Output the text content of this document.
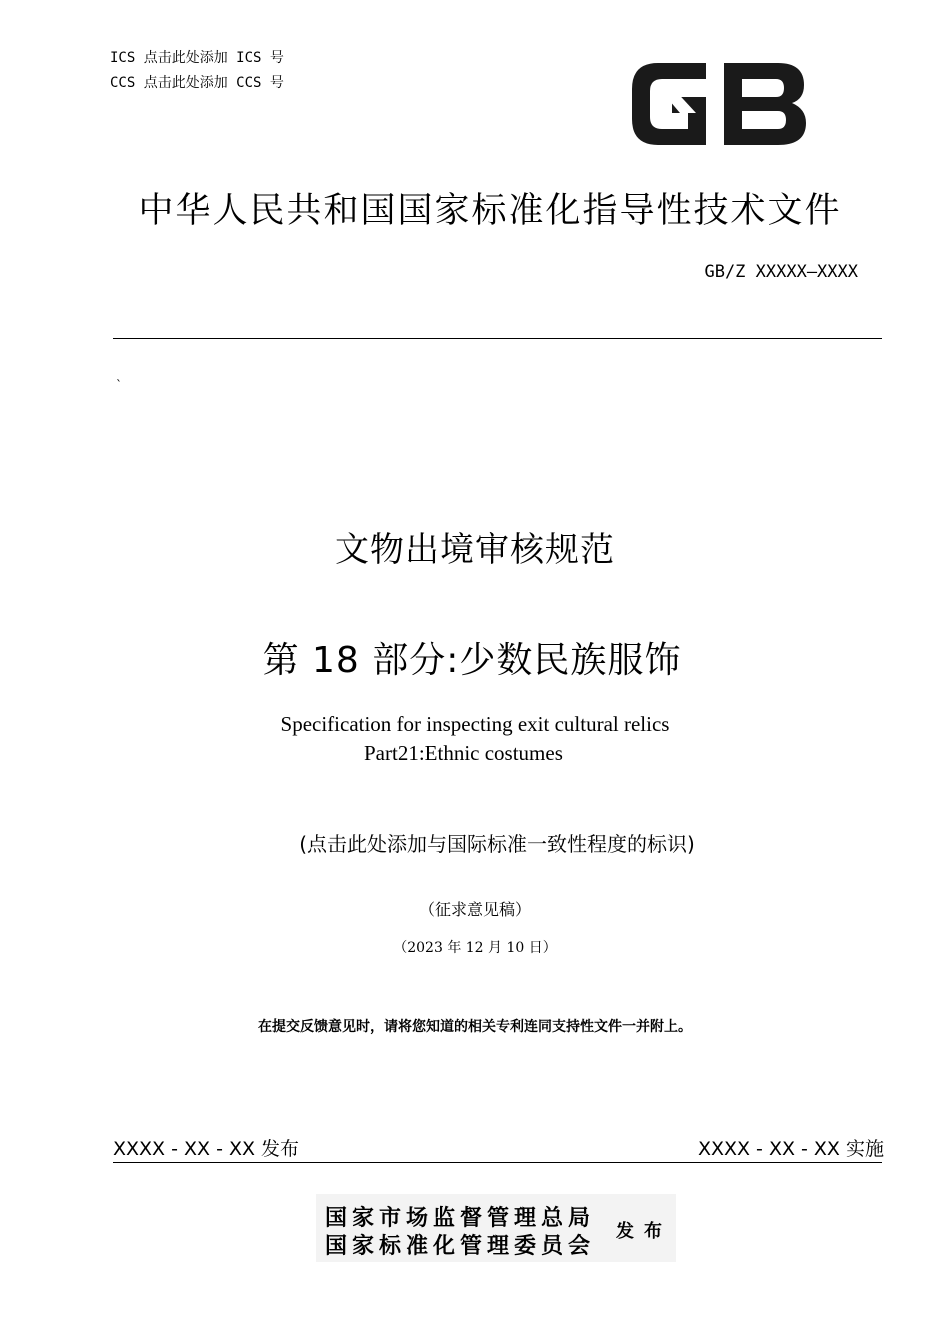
ICS 点击此处添加 ICS 号
CCS 点击此处添加 CCS 号
中华人民共和国国家标准化指导性技术文件
GB/Z XXXXX—XXXX
`
文物出境审核规范
第 18 部分:少数民族服饰
Specification for inspecting exit cultural relics
Part21:Ethnic costumes
(点击此处添加与国际标准一致性程度的标识)
（征求意见稿）
（2023 年 12 月 10 日）
在提交反馈意见时，请将您知道的相关专利连同支持性文件一并附上。
XXXX - XX - XX 发布	XXXX - XX - XX 实施
国家市场监督管理总局
国家标准化管理委员会
发布
